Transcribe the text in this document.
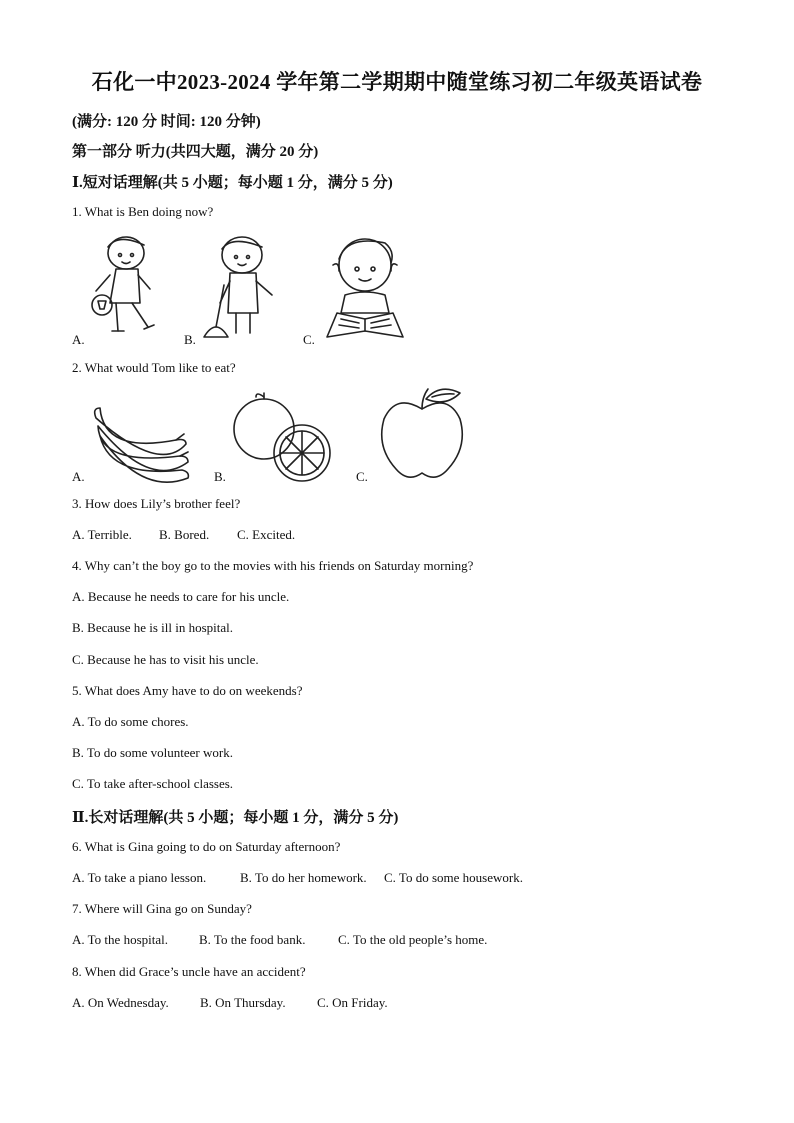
石化一中2023-2024 学年第二学期期中随堂练习初二年级英语试卷
(满分: 120 分 时间: 120 分钟)
第一部分 听力(共四大题，满分 20 分)
Ⅰ.短对话理解(共 5 小题；每小题 1 分，满分 5 分)
1. What is Ben doing now?
A.	B.	C.
2. What would Tom like to eat?
A.	B.	C.
3. How does Lily’s brother feel?
A. Terrible. B. Bored. C. Excited.
4. Why can’t the boy go to the movies with his friends on Saturday morning?
A. Because he needs to care for his uncle.
B. Because he is ill in hospital.
C. Because he has to visit his uncle.
5. What does Amy have to do on weekends?
A. To do some chores.
B. To do some volunteer work.
C. To take after-school classes.
Ⅱ.长对话理解(共 5 小题；每小题 1 分，满分 5 分)
6. What is Gina going to do on Saturday afternoon?
A. To take a piano lesson.	B. To do her homework. C. To do some housework.
7. Where will Gina go on Sunday?
A. To the hospital. B. To the food bank.	C. To the old people’s home.
8. When did Grace’s uncle have an accident?
A. On Wednesday. B. On Thursday. C. On Friday.
